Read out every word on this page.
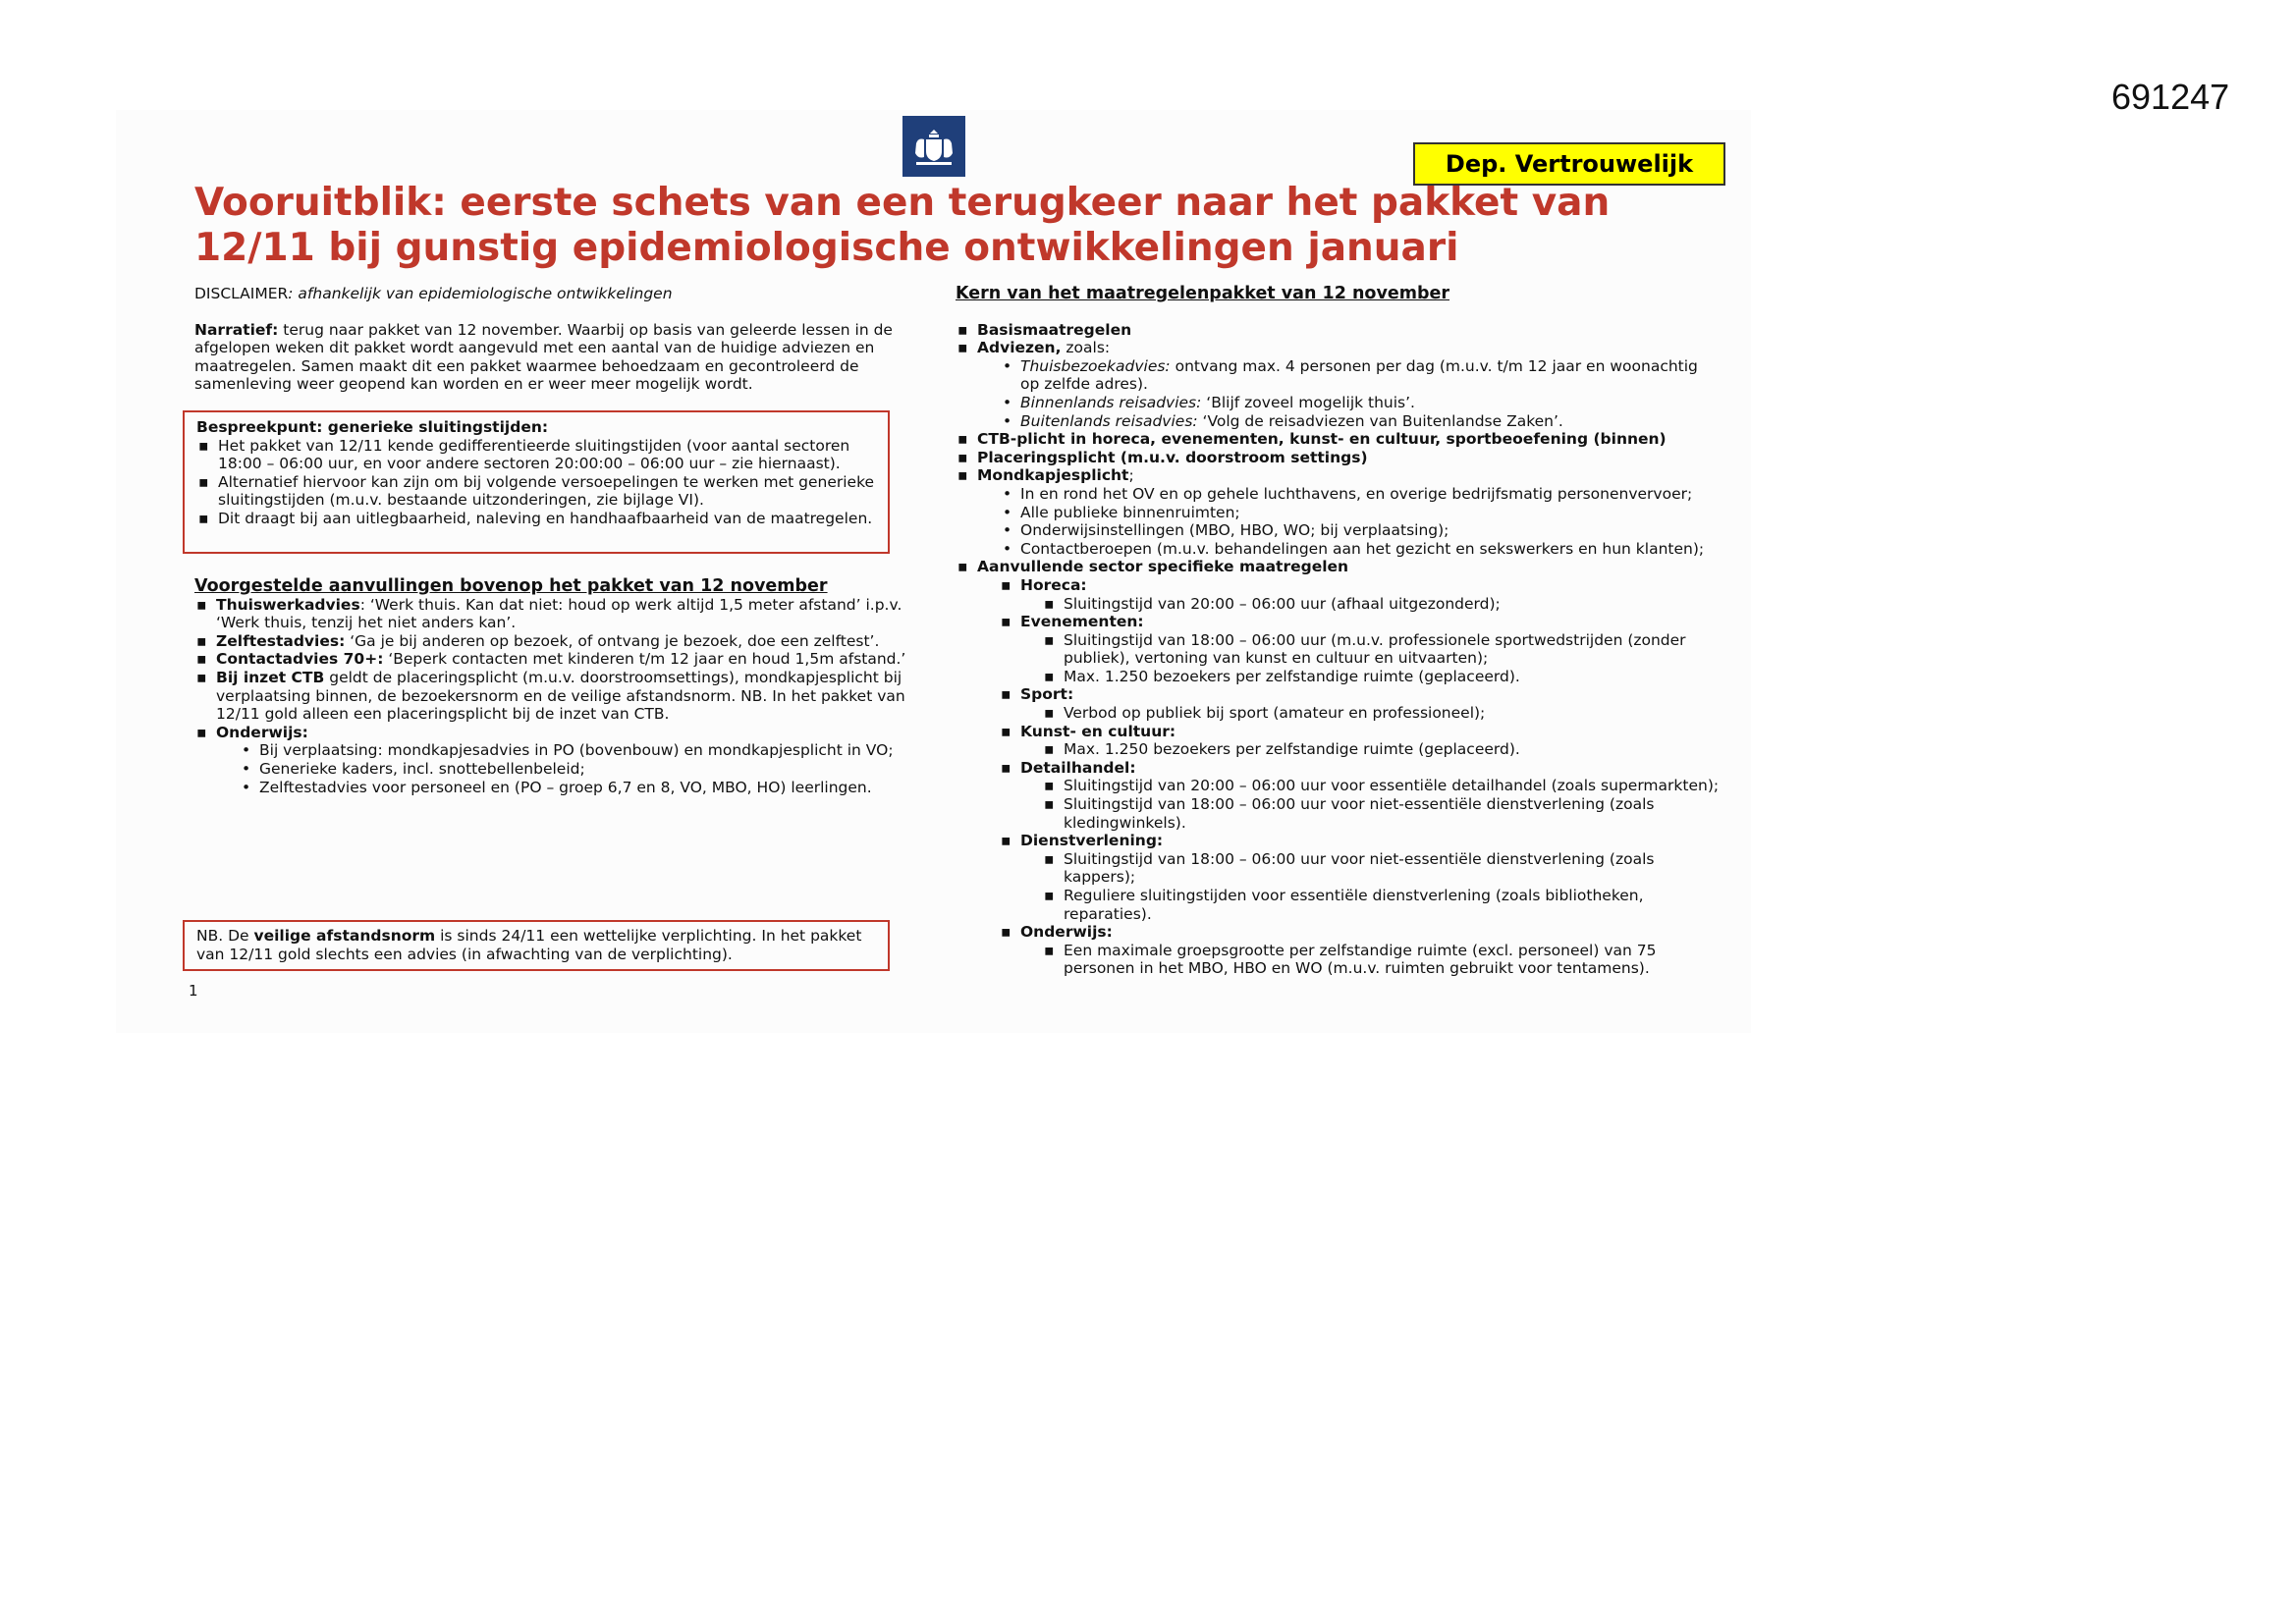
691247
Dep. Vertrouwelijk
Vooruitblik: eerste schets van een terugkeer naar het pakket van
12/11 bij gunstig epidemiologische ontwikkelingen januari

DISCLAIMER: afhankelijk van epidemiologische ontwikkelingen

Narratief: terug naar pakket van 12 november. Waarbij op basis van geleerde lessen in de afgelopen weken dit pakket wordt aangevuld met een aantal van de huidige adviezen en maatregelen. Samen maakt dit een pakket waarmee behoedzaam en gecontroleerd de samenleving weer geopend kan worden en er weer meer mogelijk wordt.

Bespreekpunt: generieke sluitingstijden:

▪ Het pakket van 12/11 kende gedifferentieerde sluitingstijden (voor aantal sectoren 18:00 – 06:00 uur, en voor andere sectoren 20:00:00 – 06:00 uur – zie hiernaast).
▪ Alternatief hiervoor kan zijn om bij volgende versoepelingen te werken met generieke sluitingstijden (m.u.v. bestaande uitzonderingen, zie bijlage VI).
▪ Dit draagt bij aan uitlegbaarheid, naleving en handhaafbaarheid van de maatregelen.

Voorgestelde aanvullingen bovenop het pakket van 12 november

▪ Thuiswerkadvies: ‘Werk thuis. Kan dat niet: houd op werk altijd 1,5 meter afstand’ i.p.v. ‘Werk thuis, tenzij het niet anders kan’.
▪ Zelftestadvies: ‘Ga je bij anderen op bezoek, of ontvang je bezoek, doe een zelftest’.
▪ Contactadvies 70+: ‘Beperk contacten met kinderen t/m 12 jaar en houd 1,5m afstand.’
▪ Bij inzet CTB geldt de placeringsplicht (m.u.v. doorstroomsettings), mondkapjesplicht bij verplaatsing binnen, de bezoekersnorm en de veilige afstandsnorm. NB. In het pakket van 12/11 gold alleen een placeringsplicht bij de inzet van CTB.
▪ Onderwijs:
• Bij verplaatsing: mondkapjesadvies in PO (bovenbouw) en mondkapjesplicht in VO;
• Generieke kaders, incl. snottebellenbeleid;
• Zelftestadvies voor personeel en (PO – groep 6,7 en 8, VO, MBO, HO) leerlingen.
NB. De veilige afstandsnorm is sinds 24/11 een wettelijke verplichting. In het pakket van 12/11 gold slechts een advies (in afwachting van de verplichting).
1

Kern van het maatregelenpakket van 12 november

▪ Basismaatregelen
▪ Adviezen, zoals:
• Thuisbezoekadvies: ontvang max. 4 personen per dag (m.u.v. t/m 12 jaar en woonachtig op zelfde adres).
• Binnenlands reisadvies: ‘Blijf zoveel mogelijk thuis’.
• Buitenlands reisadvies: ‘Volg de reisadviezen van Buitenlandse Zaken’.
▪ CTB-plicht in horeca, evenementen, kunst- en cultuur, sportbeoefening (binnen)
▪ Placeringsplicht (m.u.v. doorstroom settings)
▪ Mondkapjesplicht;
• In en rond het OV en op gehele luchthavens, en overige bedrijfsmatig personenvervoer;
• Alle publieke binnenruimten;
• Onderwijsinstellingen (MBO, HBO, WO; bij verplaatsing);
• Contactberoepen (m.u.v. behandelingen aan het gezicht en sekswerkers en hun klanten);
▪ Aanvullende sector specifieke maatregelen
▪ Horeca:
▪ Sluitingstijd van 20:00 – 06:00 uur (afhaal uitgezonderd);
▪ Evenementen:
▪ Sluitingstijd van 18:00 – 06:00 uur (m.u.v. professionele sportwedstrijden (zonder publiek), vertoning van kunst en cultuur en uitvaarten);
▪ Max. 1.250 bezoekers per zelfstandige ruimte (geplaceerd).
▪ Sport:
▪ Verbod op publiek bij sport (amateur en professioneel);
▪ Kunst- en cultuur:
▪ Max. 1.250 bezoekers per zelfstandige ruimte (geplaceerd).
▪ Detailhandel:
▪ Sluitingstijd van 20:00 – 06:00 uur voor essentiële detailhandel (zoals supermarkten);
▪ Sluitingstijd van 18:00 – 06:00 uur voor niet-essentiële dienstverlening (zoals kledingwinkels).
▪ Dienstverlening:
▪ Sluitingstijd van 18:00 – 06:00 uur voor niet-essentiële dienstverlening (zoals kappers);
▪ Reguliere sluitingstijden voor essentiële dienstverlening (zoals bibliotheken, reparaties).
▪ Onderwijs:
▪ Een maximale groepsgrootte per zelfstandige ruimte (excl. personeel) van 75 personen in het MBO, HBO en WO (m.u.v. ruimten gebruikt voor tentamens).
